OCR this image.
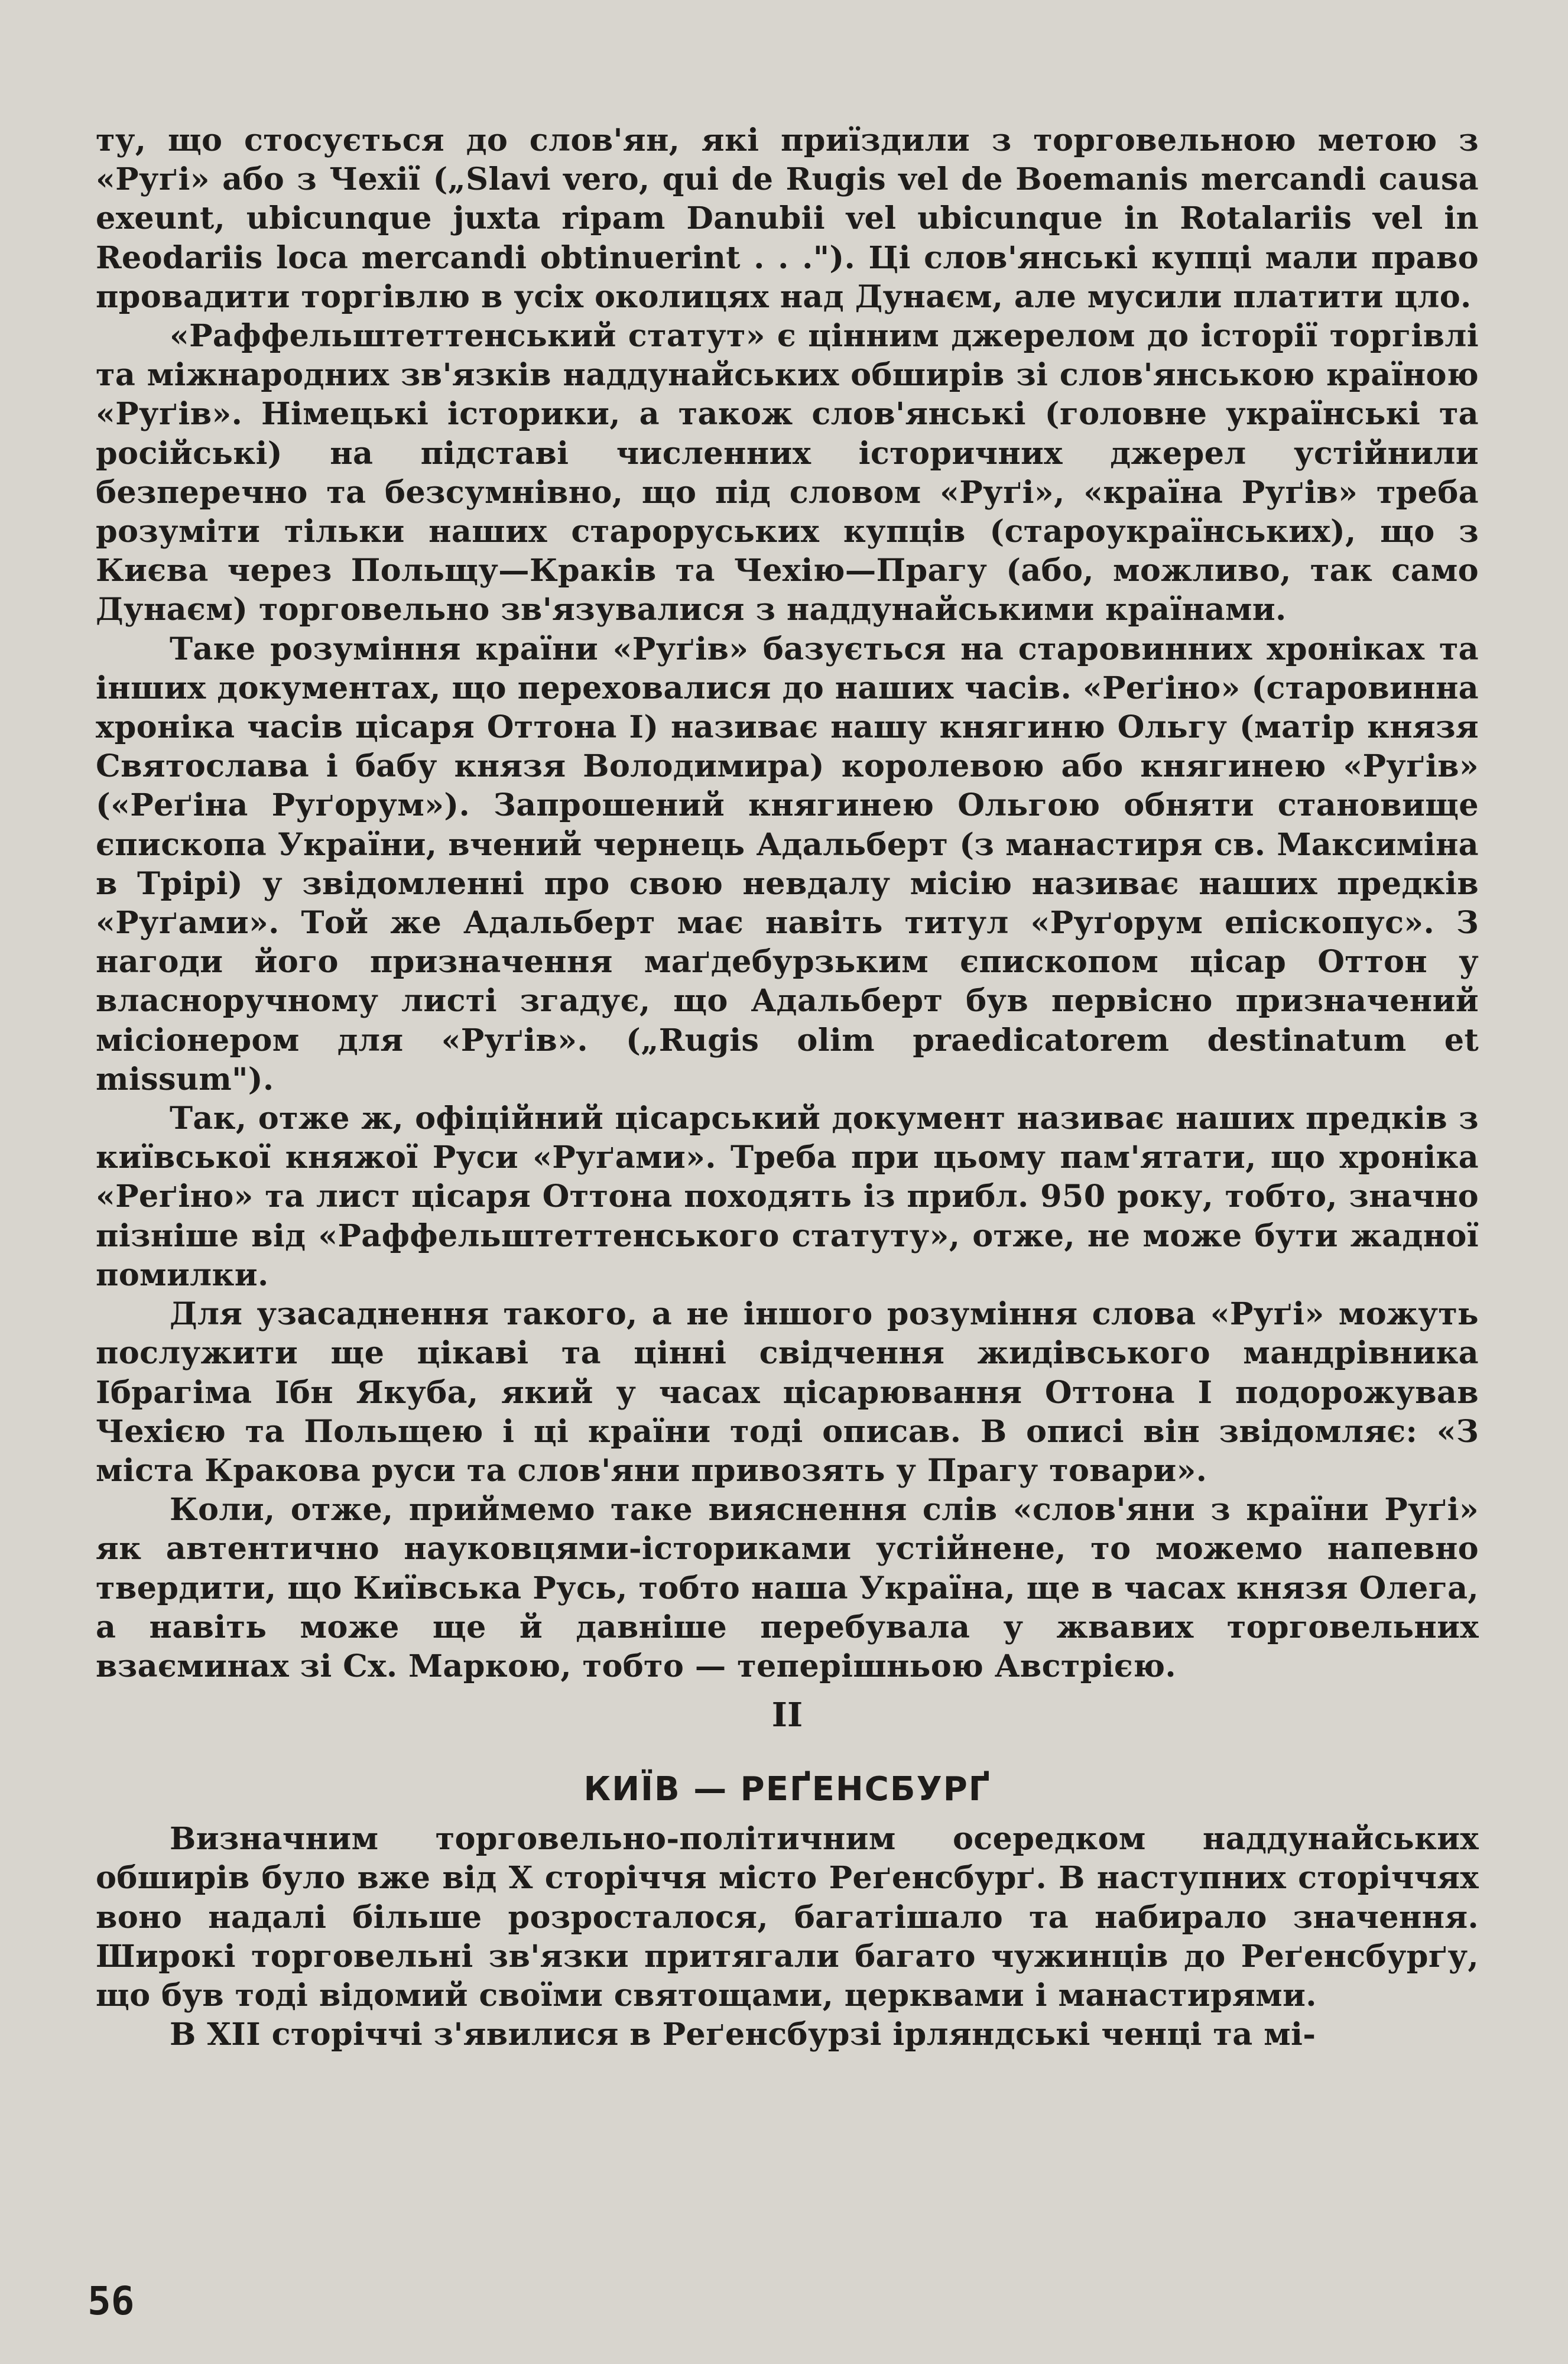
ту, що стосується до слов'ян, які приїздили з торговельною метою з «Руґі» або з Чехії („Slavi vero, qui de Rugis vel de Boemanis mercandi causa exeunt, ubicunque juxta ripam Danubii vel ubicunque in Rotalariis vel in Reodariis loca mercandi obtinuerint . . ."). Ці слов'янські купці мали право провадити торгівлю в усіх околицях над Дунаєм, але мусили платити цло.

«Раффельштеттенський статут» є цінним джерелом до історії торгівлі та міжнародних зв'язків наддунайських обширів зі слов'янською країною «Руґів». Німецькі історики, а також слов'янські (головне українські та російські) на підставі численних історичних джерел устійнили безперечно та безсумнівно, що під словом «Руґі», «країна Руґів» треба розуміти тільки наших староруських купців (староукраїнських), що з Києва через Польщу—Краків та Чехію—Прагу (або, можливо, так само Дунаєм) торговельно зв'язувалися з наддунайськими країнами.

Таке розуміння країни «Руґів» базується на старовинних хроніках та інших документах, що переховалися до наших часів. «Реґіно» (старовинна хроніка часів цісаря Оттона I) називає нашу княгиню Ольгу (матір князя Святослава і бабу князя Володимира) королевою або княгинею «Руґів» («Реґіна Руґорум»). Запрошений княгинею Ольгою обняти становище єпископа України, вчений чернець Адальберт (з манастиря св. Максиміна в Трірі) у звідомленні про свою невдалу місію називає наших предків «Руґами». Той же Адальберт має навіть титул «Руґорум епіскопус». З нагоди його призначення маґдебурзьким єпископом цісар Оттон у власноручному листі згадує, що Адальберт був первісно призначений місіонером для «Руґів». („Rugis olim praedicatorem destinatum et missum").

Так, отже ж, офіційний цісарський документ називає наших предків з київської княжої Руси «Руґами». Треба при цьому пам'ятати, що хроніка «Реґіно» та лист цісаря Оттона походять із прибл. 950 року, тобто, значно пізніше від «Раффельштеттенського статуту», отже, не може бути жадної помилки.

Для узасаднення такого, а не іншого розуміння слова «Руґі» можуть послужити ще цікаві та цінні свідчення жидівського мандрівника Ібрагіма Ібн Якуба, який у часах цісарювання Оттона I подорожував Чехією та Польщею і ці країни тоді описав. В описі він звідомляє: «З міста Кракова руси та слов'яни привозять у Прагу товари».

Коли, отже, приймемо таке вияснення слів «слов'яни з країни Руґі» як автентично науковцями-істориками устійнене, то можемо напевно твердити, що Київська Русь, тобто наша Україна, ще в часах князя Олега, а навіть може ще й давніше перебувала у жвавих торговельних взаєминах зі Сх. Маркою, тобто — теперішньою Австрією.

II
КИЇВ — РЕҐЕНСБУРҐ

Визначним торговельно-політичним осередком наддунайських обширів було вже від X сторіччя місто Реґенсбурґ. В наступних сторіччях воно надалі більше розросталося, багатішало та набирало значення. Широкі торговельні зв'язки притягали багато чужинців до Реґенсбурґу, що був тоді відомий своїми святощами, церквами і манастирями.

В XII сторіччі з'явилися в Реґенсбурзі ірляндські ченці та мі-

56
